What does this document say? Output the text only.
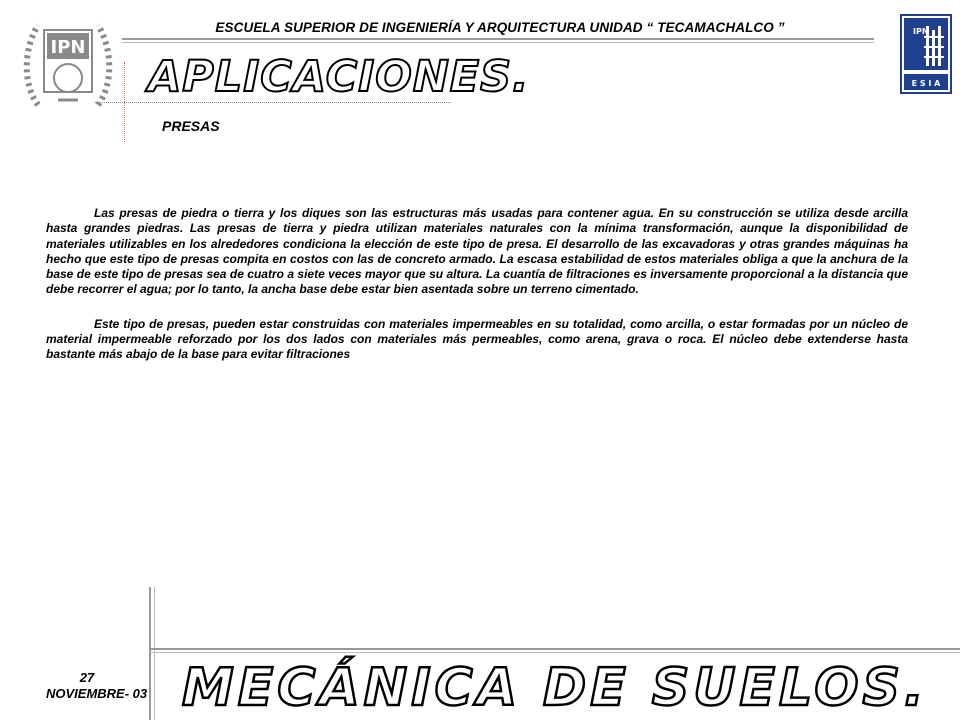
IPN
IPN
E S I A
ESCUELA SUPERIOR DE INGENIERÍA Y ARQUITECTURA UNIDAD “ TECAMACHALCO ”
APLICACIONES.
PRESAS

Las presas de piedra o tierra y los diques son las estructuras más usadas para contener agua. En su construcción se utiliza desde arcilla hasta grandes piedras. Las presas de tierra y piedra utilizan materiales naturales con la mínima transformación, aunque la disponibilidad de materiales utilizables en los alrededores condiciona la elección de este tipo de presa. El desarrollo de las excavadoras y otras grandes máquinas ha hecho que este tipo de presas compita en costos con las de concreto armado. La escasa estabilidad de estos materiales obliga a que la anchura de la base de este tipo de presas sea de cuatro a siete veces mayor que su altura. La cuantía de filtraciones es inversamente proporcional a la distancia que debe recorrer el agua; por lo tanto, la ancha base debe estar bien asentada sobre un terreno cimentado.

Este tipo de presas, pueden estar construidas con materiales impermeables en su totalidad, como arcilla, o estar formadas por un núcleo de material impermeable reforzado por los dos lados con materiales más permeables, como arena, grava o roca. El núcleo debe extenderse hasta bastante más abajo de la base para evitar filtraciones

27
NOVIEMBRE- 03 MECÁNICA DE SUELOS.
